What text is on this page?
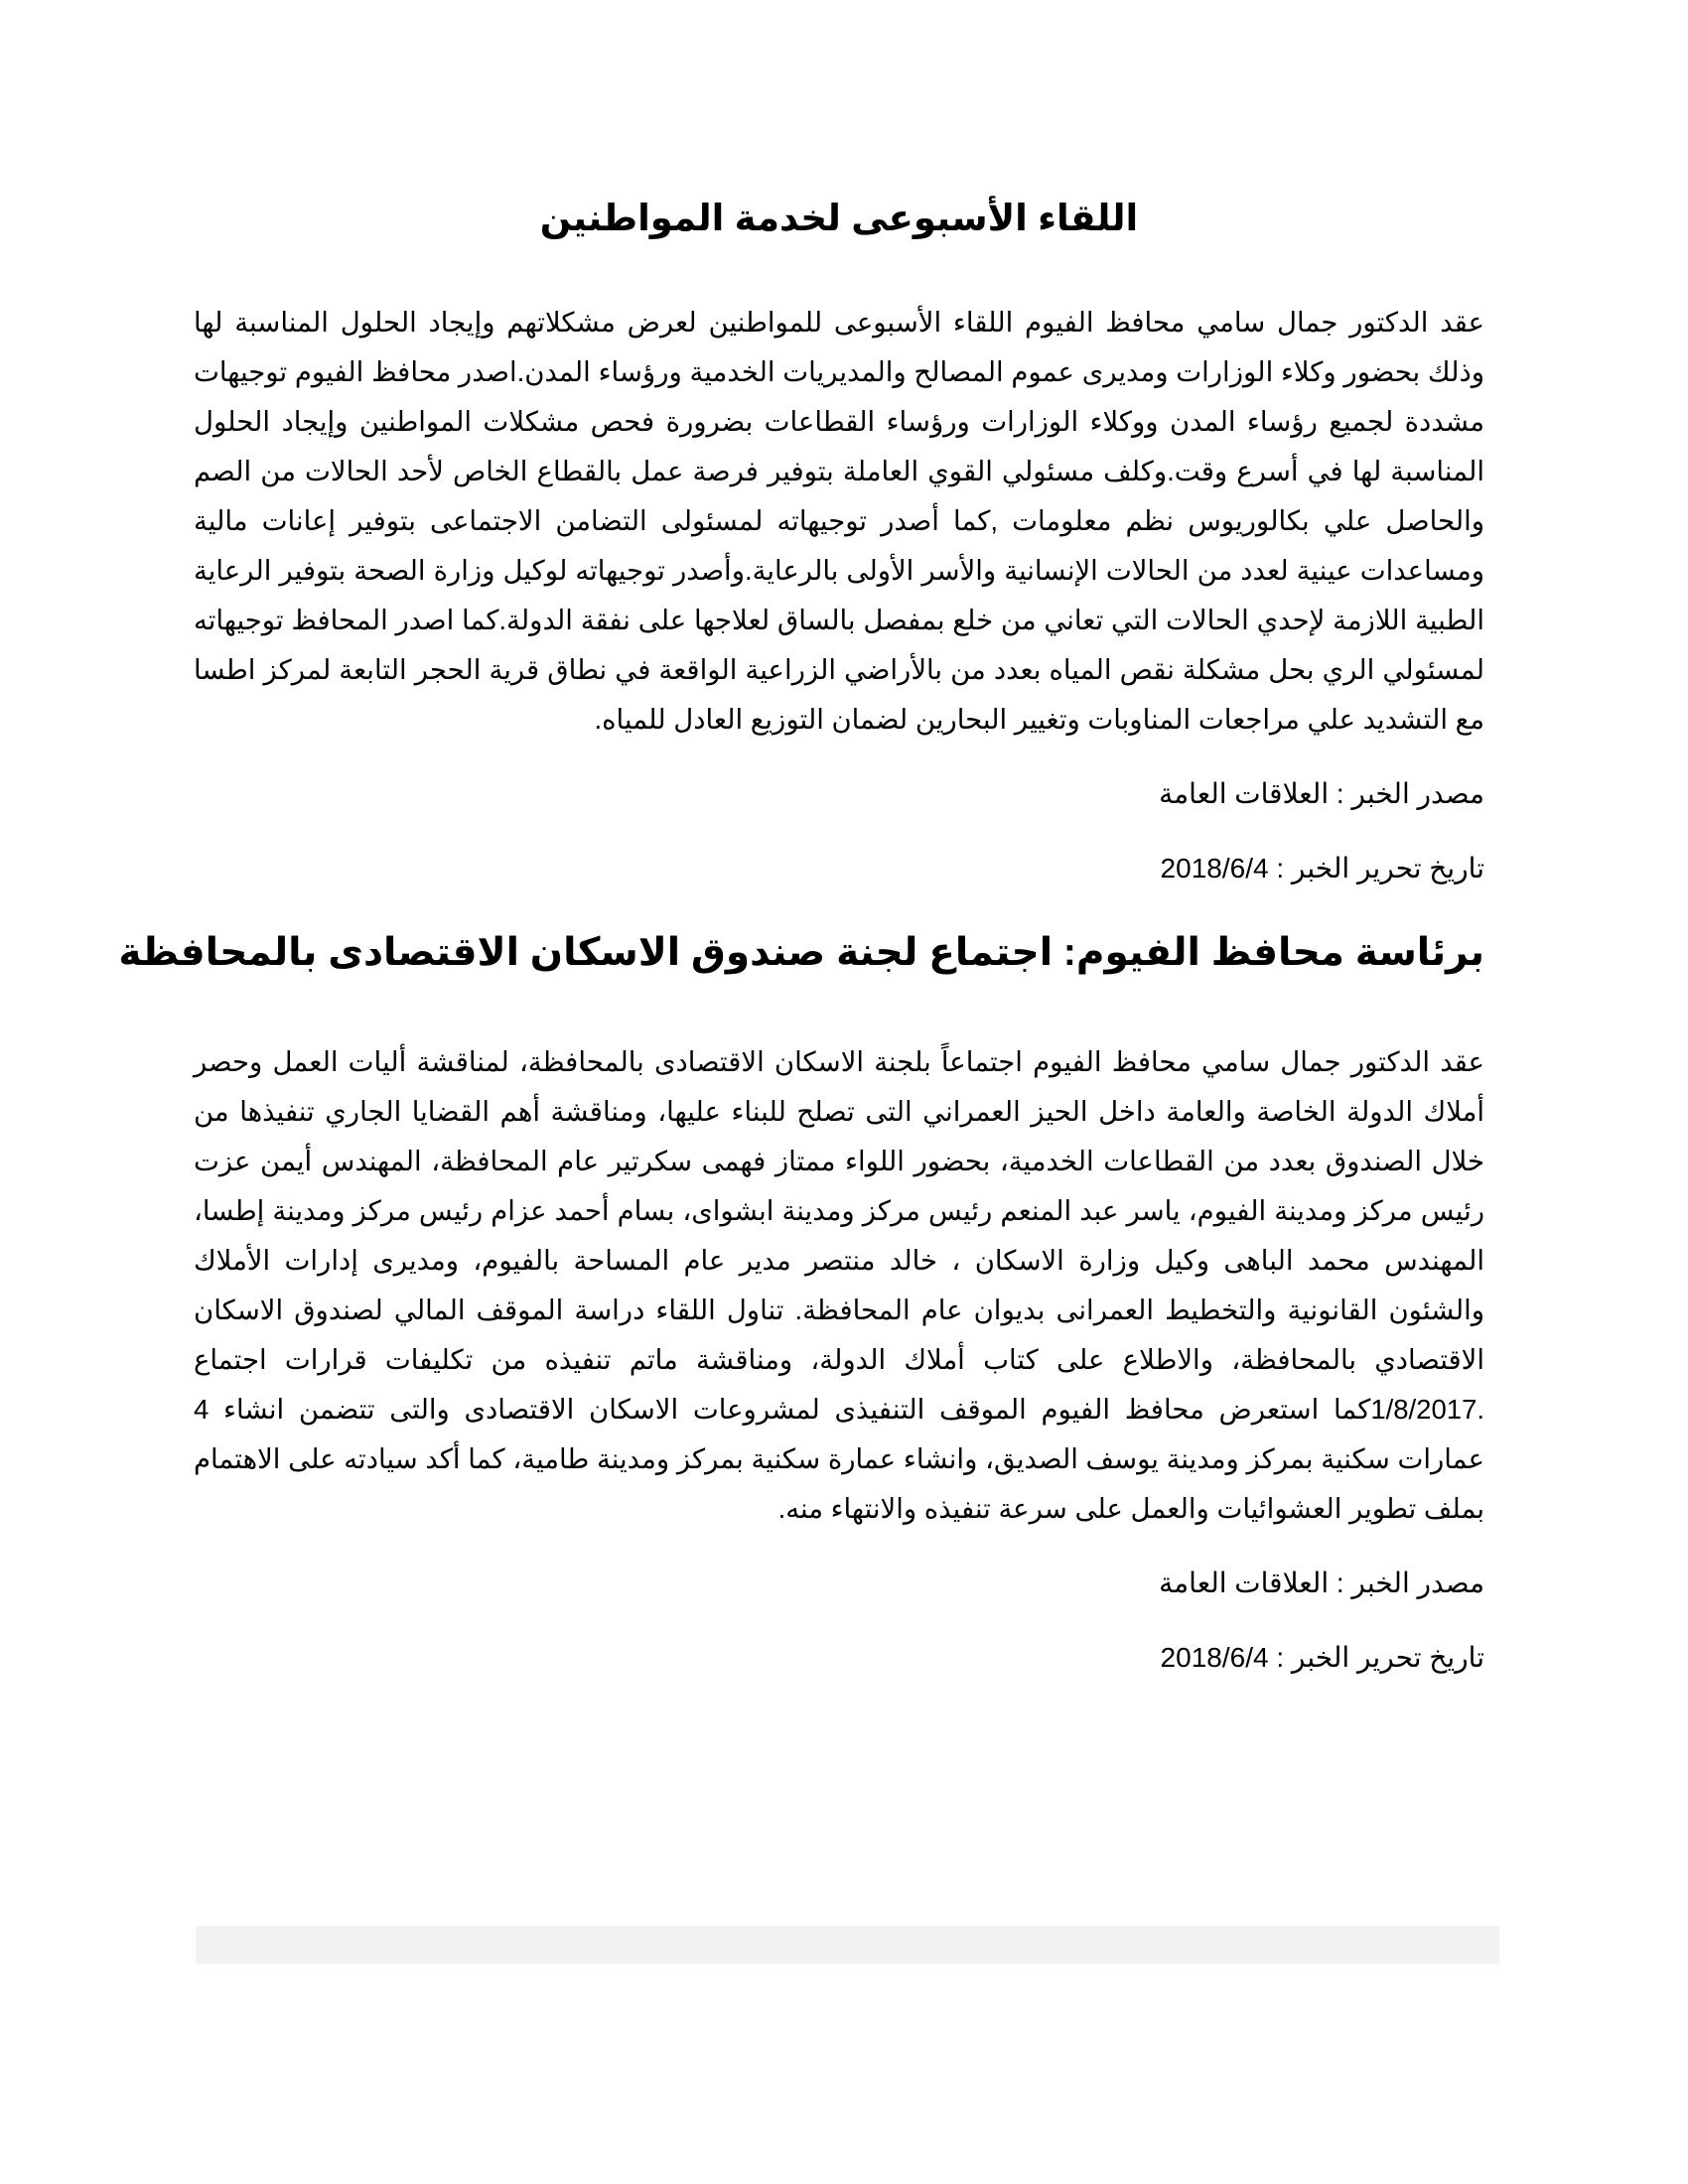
اللقاء الأسبوعى لخدمة المواطنين

عقد الدكتور جمال سامي محافظ الفيوم اللقاء الأسبوعى للمواطنين لعرض مشكلاتهم وإيجاد الحلول المناسبة لها وذلك بحضور وكلاء الوزارات ومديرى عموم المصالح والمديريات الخدمية ورؤساء المدن.اصدر محافظ الفيوم توجيهات مشددة لجميع رؤساء المدن ووكلاء الوزارات ورؤساء القطاعات بضرورة فحص مشكلات المواطنين وإيجاد الحلول المناسبة لها في أسرع وقت.وكلف مسئولي القوي العاملة بتوفير فرصة عمل بالقطاع الخاص لأحد الحالات من الصم والحاصل علي بكالوريوس نظم معلومات ,كما أصدر توجيهاته لمسئولى التضامن الاجتماعى بتوفير إعانات مالية ومساعدات عينية لعدد من الحالات الإنسانية والأسر الأولى بالرعاية.وأصدر توجيهاته لوكيل وزارة الصحة بتوفير الرعاية الطبية اللازمة لإحدي الحالات التي تعاني من خلع بمفصل بالساق لعلاجها على نفقة الدولة.كما اصدر المحافظ توجيهاته لمسئولي الري بحل مشكلة نقص المياه بعدد من بالأراضي الزراعية الواقعة في نطاق قرية الحجر التابعة لمركز اطسا مع التشديد علي مراجعات المناوبات وتغيير البحارين لضمان التوزيع العادل للمياه.

مصدر الخبر : العلاقات العامة

تاريخ تحرير الخبر : 2018/6/4

برئاسة محافظ الفيوم: اجتماع لجنة صندوق الاسكان الاقتصادى بالمحافظة

عقد الدكتور جمال سامي محافظ الفيوم اجتماعاً بلجنة الاسكان الاقتصادى بالمحافظة، لمناقشة أليات العمل وحصر أملاك الدولة الخاصة والعامة داخل الحيز العمراني التى تصلح للبناء عليها، ومناقشة أهم القضايا الجاري تنفيذها من خلال الصندوق بعدد من القطاعات الخدمية، بحضور اللواء ممتاز فهمى سكرتير عام المحافظة، المهندس أيمن عزت رئيس مركز ومدينة الفيوم، ياسر عبد المنعم رئيس مركز ومدينة ابشواى، بسام أحمد عزام رئيس مركز ومدينة إطسا، المهندس محمد الباهى وكيل وزارة الاسكان ، خالد منتصر مدير عام المساحة بالفيوم، ومديرى إدارات الأملاك والشئون القانونية والتخطيط العمرانى بديوان عام المحافظة. تناول اللقاء دراسة الموقف المالي لصندوق الاسكان الاقتصادي بالمحافظة، والاطلاع على كتاب أملاك الدولة، ومناقشة ماتم تنفيذه من تكليفات قرارات اجتماع 1/8/2017.كما استعرض محافظ الفيوم الموقف التنفيذى لمشروعات الاسكان الاقتصادى والتى تتضمن انشاء 4 عمارات سكنية بمركز ومدينة يوسف الصديق، وانشاء عمارة سكنية بمركز ومدينة طامية، كما أكد سيادته على الاهتمام بملف تطوير العشوائيات والعمل على سرعة تنفيذه والانتهاء منه.

مصدر الخبر : العلاقات العامة

تاريخ تحرير الخبر : 2018/6/4
